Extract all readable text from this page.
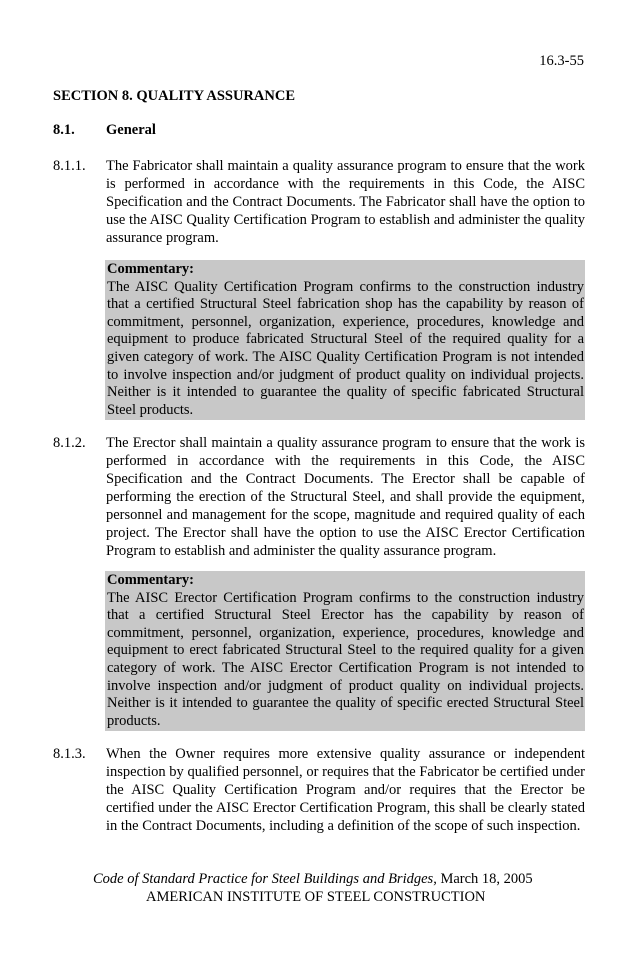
16.3-55
SECTION 8. QUALITY ASSURANCE
8.1. General
8.1.1. The Fabricator shall maintain a quality assurance program to ensure that the work is performed in accordance with the requirements in this Code, the AISC Specification and the Contract Documents. The Fabricator shall have the option to use the AISC Quality Certification Program to establish and administer the quality assurance program.
Commentary:
The AISC Quality Certification Program confirms to the construction industry that a certified Structural Steel fabrication shop has the capability by reason of commitment, personnel, organization, experience, procedures, knowledge and equipment to produce fabricated Structural Steel of the required quality for a given category of work. The AISC Quality Certification Program is not intended to involve inspection and/or judgment of product quality on individual projects. Neither is it intended to guarantee the quality of specific fabricated Structural Steel products.
8.1.2. The Erector shall maintain a quality assurance program to ensure that the work is performed in accordance with the requirements in this Code, the AISC Specification and the Contract Documents. The Erector shall be capable of performing the erection of the Structural Steel, and shall provide the equipment, personnel and management for the scope, magnitude and required quality of each project. The Erector shall have the option to use the AISC Erector Certification Program to establish and administer the quality assurance program.
Commentary:
The AISC Erector Certification Program confirms to the construction industry that a certified Structural Steel Erector has the capability by reason of commitment, personnel, organization, experience, procedures, knowledge and equipment to erect fabricated Structural Steel to the required quality for a given category of work. The AISC Erector Certification Program is not intended to involve inspection and/or judgment of product quality on individual projects. Neither is it intended to guarantee the quality of specific erected Structural Steel products.
8.1.3. When the Owner requires more extensive quality assurance or independent inspection by qualified personnel, or requires that the Fabricator be certified under the AISC Quality Certification Program and/or requires that the Erector be certified under the AISC Erector Certification Program, this shall be clearly stated in the Contract Documents, including a definition of the scope of such inspection.
Code of Standard Practice for Steel Buildings and Bridges, March 18, 2005
AMERICAN INSTITUTE OF STEEL CONSTRUCTION
